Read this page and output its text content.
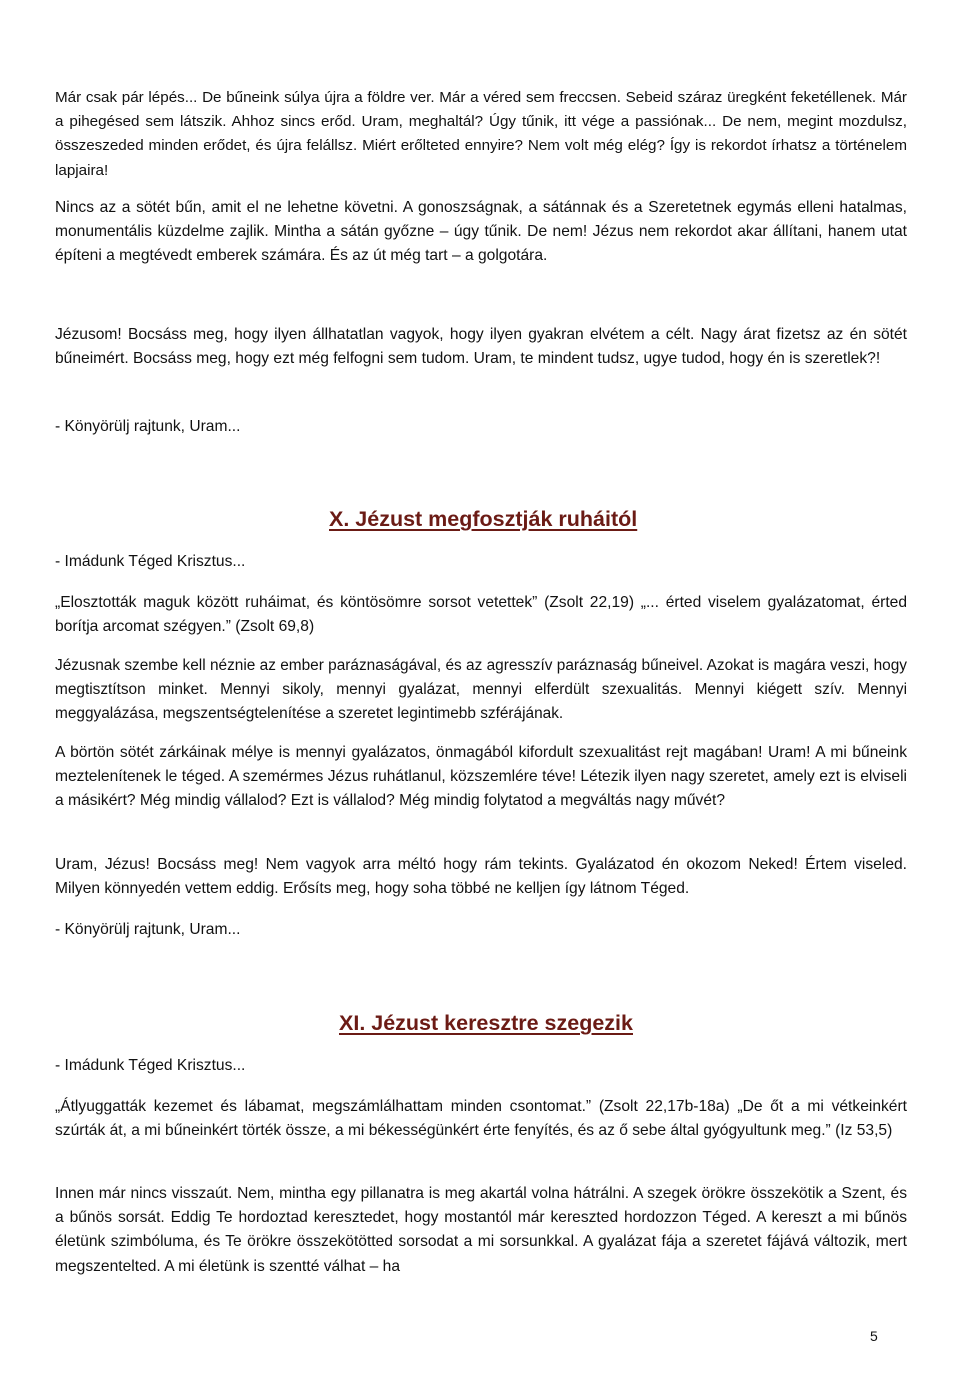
Már csak pár lépés... De bűneink súlya újra a földre ver. Már a véred sem freccsen. Sebeid száraz üregként feketéllenek. Már a pihegésed sem látszik. Ahhoz sincs erőd. Uram, meghaltál? Úgy tűnik, itt vége a passiónak... De nem, megint mozdulsz, összeszeded minden erődet, és újra felállsz. Miért erőlteted ennyire? Nem volt még elég? Így is rekordot írhatsz a történelem lapjaira!

Nincs az a sötét bűn, amit el ne lehetne követni. A gonoszságnak, a sátánnak és a Szeretetnek egymás elleni hatalmas, monumentális küzdelme zajlik. Mintha a sátán győzne – úgy tűnik. De nem! Jézus nem rekordot akar állítani, hanem utat építeni a megtévedt emberek számára. És az út még tart – a golgotára.

Jézusom! Bocsáss meg, hogy ilyen állhatatlan vagyok, hogy ilyen gyakran elvétem a célt. Nagy árat fizetsz az én sötét bűneimért. Bocsáss meg, hogy ezt még felfogni sem tudom. Uram, te mindent tudsz, ugye tudod, hogy én is szeretlek?!

- Könyörülj rajtunk, Uram...

X. Jézust megfosztják ruháitól

- Imádunk Téged Krisztus...

„Elosztották maguk között ruháimat, és köntösömre sorsot vetettek” (Zsolt 22,19) „... érted viselem gyalázatomat, érted borítja arcomat szégyen.” (Zsolt 69,8)

Jézusnak szembe kell néznie az ember paráznaságával, és az agresszív paráznaság bűneivel. Azokat is magára veszi, hogy megtisztítson minket. Mennyi sikoly, mennyi gyalázat, mennyi elferdült szexualitás. Mennyi kiégett szív. Mennyi meggyalázása, megszentségtelenítése a szeretet legintimebb szférájának.

A börtön sötét zárkáinak mélye is mennyi gyalázatos, önmagából kifordult szexualitást rejt magában! Uram! A mi bűneink meztelenítenek le téged. A szemérmes Jézus ruhátlanul, közszemlére téve! Létezik ilyen nagy szeretet, amely ezt is elviseli a másikért? Még mindig vállalod? Ezt is vállalod? Még mindig folytatod a megváltás nagy művét?

Uram, Jézus! Bocsáss meg! Nem vagyok arra méltó hogy rám tekints. Gyalázatod én okozom Neked! Értem viseled. Milyen könnyedén vettem eddig. Erősíts meg, hogy soha többé ne kelljen így látnom Téged.

- Könyörülj rajtunk, Uram...

XI. Jézust keresztre szegezik

- Imádunk Téged Krisztus...

„Átlyuggatták kezemet és lábamat, megszámlálhattam minden csontomat.” (Zsolt 22,17b-18a) „De őt a mi vétkeinkért szúrták át, a mi bűneinkért törték össze, a mi békességünkért érte fenyítés, és az ő sebe által gyógyultunk meg.” (Iz 53,5)

Innen már nincs visszaút. Nem, mintha egy pillanatra is meg akartál volna hátrálni. A szegek örökre összekötik a Szent, és a bűnös sorsát. Eddig Te hordoztad keresztedet, hogy mostantól már kereszted hordozzon Téged. A kereszt a mi bűnös életünk szimbóluma, és Te örökre összekötötted sorsodat a mi sorsunkkal. A gyalázat fája a szeretet fájává változik, mert megszentelted. A mi életünk is szentté válhat – ha

5
